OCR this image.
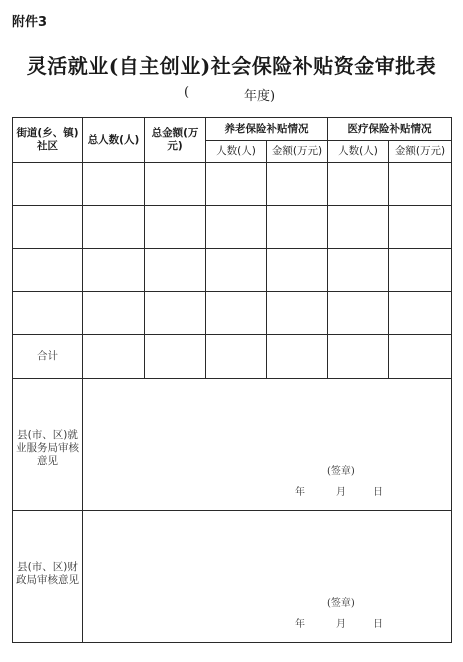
附件3
灵活就业(自主创业)社会保险补贴资金审批表
(	年度)
街道(乡、镇)社区	总人数(人)	总金额(万元)	养老保险补贴情况		医疗保险补贴情况	
			人数(人)	金额(万元)	人数(人)	金额(万元)

合计						
县(市、区)就业服务局审核意见	(签章)
年 月 日					

县(市、区)财政局审核意见	(签章)
年 月 日					
